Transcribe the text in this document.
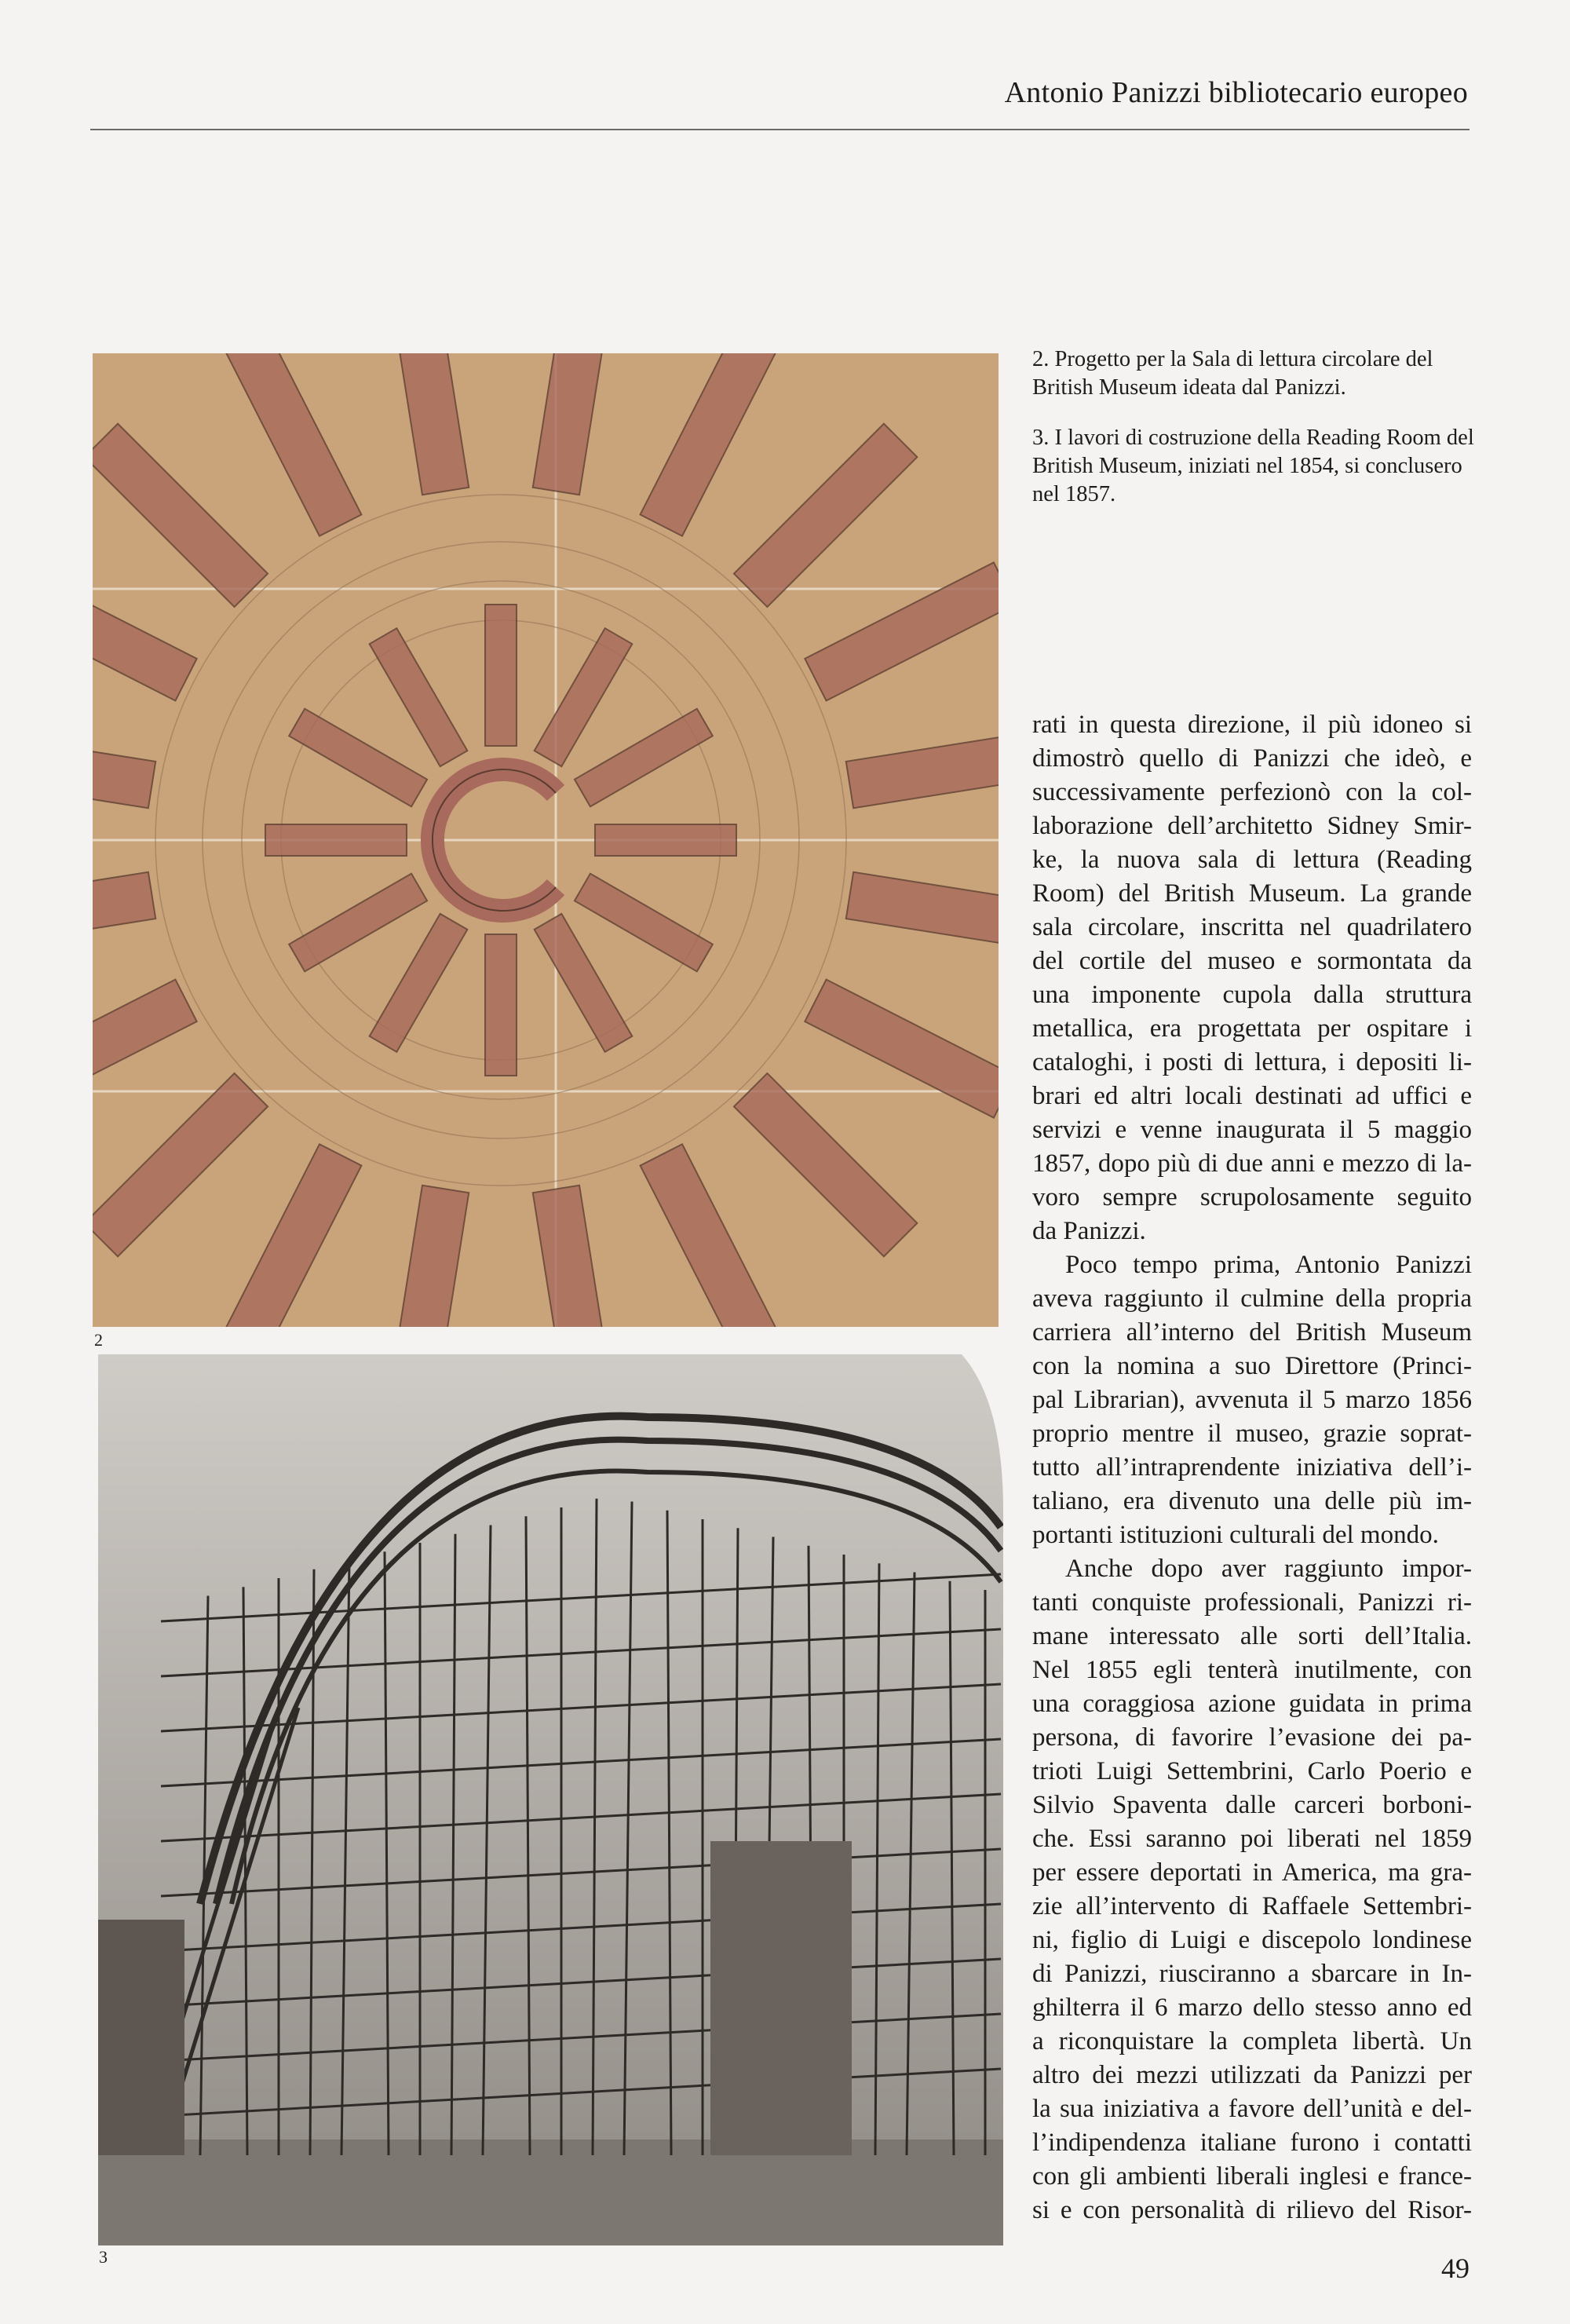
Antonio Panizzi bibliotecario europeo
2
3

2. Progetto per la Sala di lettura circolare del British Museum ideata dal Panizzi.

3. I lavori di costruzione della Reading Room del British Museum, iniziati nel 1854, si conclusero nel 1857.

rati in questa direzione, il più idoneo si
dimostrò quello di Panizzi che ideò, e
successivamente perfezionò con la col-
laborazione dell’architetto Sidney Smir-
ke, la nuova sala di lettura (Reading
Room) del British Museum. La grande
sala circolare, inscritta nel quadrilatero
del cortile del museo e sormontata da
una imponente cupola dalla struttura
metallica, era progettata per ospitare i
cataloghi, i posti di lettura, i depositi li-
brari ed altri locali destinati ad uffici e
servizi e venne inaugurata il 5 maggio
1857, dopo più di due anni e mezzo di la-
voro sempre scrupolosamente seguito
da Panizzi.
Poco tempo prima, Antonio Panizzi
aveva raggiunto il culmine della propria
carriera all’interno del British Museum
con la nomina a suo Direttore (Princi-
pal Librarian), avvenuta il 5 marzo 1856
proprio mentre il museo, grazie soprat-
tutto all’intraprendente iniziativa dell’i-
taliano, era divenuto una delle più im-
portanti istituzioni culturali del mondo.
Anche dopo aver raggiunto impor-
tanti conquiste professionali, Panizzi ri-
mane interessato alle sorti dell’Italia.
Nel 1855 egli tenterà inutilmente, con
una coraggiosa azione guidata in prima
persona, di favorire l’evasione dei pa-
trioti Luigi Settembrini, Carlo Poerio e
Silvio Spaventa dalle carceri borboni-
che. Essi saranno poi liberati nel 1859
per essere deportati in America, ma gra-
zie all’intervento di Raffaele Settembri-
ni, figlio di Luigi e discepolo londinese
di Panizzi, riusciranno a sbarcare in In-
ghilterra il 6 marzo dello stesso anno ed
a riconquistare la completa libertà. Un
altro dei mezzi utilizzati da Panizzi per
la sua iniziativa a favore dell’unità e del-
l’indipendenza italiane furono i contatti
con gli ambienti liberali inglesi e france-
si e con personalità di rilievo del Risor-
49
